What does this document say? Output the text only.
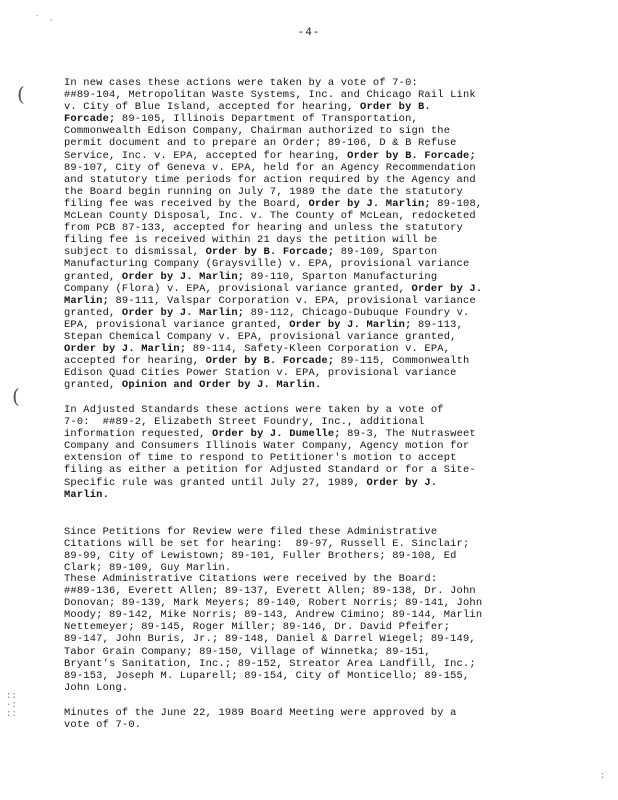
· ‚
-4-
(
(
::
·:
::
:
In new cases these actions were taken by a vote of 7-0:
##89-104, Metropolitan Waste Systems, Inc. and Chicago Rail Link
v. City of Blue Island, accepted for hearing, Order by B.
Forcade; 89-105, Illinois Department of Transportation,
Commonwealth Edison Company, Chairman authorized to sign the
permit document and to prepare an Order; 89-106, D & B Refuse
Service, Inc. v. EPA, accepted for hearing, Order by B. Forcade;
89-107, City of Geneva v. EPA, held for an Agency Recommendation
and statutory time periods for action required by the Agency and
the Board begin running on July 7, 1989 the date the statutory
filing fee was received by the Board, Order by J. Marlin; 89-108,
McLean County Disposal, Inc. v. The County of McLean, redocketed
from PCB 87-133, accepted for hearing and unless the statutory
filing fee is received within 21 days the petition will be
subject to dismissal, Order by B. Forcade; 89-109, Sparton
Manufacturing Company (Graysville) v. EPA, provisional variance
granted, Order by J. Marlin; 89-110, Sparton Manufacturing
Company (Flora) v. EPA, provisional variance granted, Order by J.
Marlin; 89-111, Valspar Corporation v. EPA, provisional variance
granted, Order by J. Marlin; 89-112, Chicago-Dubuque Foundry v.
EPA, provisional variance granted, Order by J. Marlin; 89-113,
Stepan Chemical Company v. EPA, provisional variance granted,
Order by J. Marlin; 89-114, Safety-Kleen Corporation v. EPA,
accepted for hearing, Order by B. Forcade; 89-115, Commonwealth
Edison Quad Cities Power Station v. EPA, provisional variance
granted, Opinion and Order by J. Marlin.
In Adjusted Standards these actions were taken by a vote of
7-0:  ##89-2, Elizabeth Street Foundry, Inc., additional
information requested, Order by J. Dumelle; 89-3, The Nutrasweet
Company and Consumers Illinois Water Company, Agency motion for
extension of time to respond to Petitioner's motion to accept
filing as either a petition for Adjusted Standard or for a Site-
Specific rule was granted until July 27, 1989, Order by J.
Marlin.
Since Petitions for Review were filed these Administrative
Citations will be set for hearing:  89-97, Russell E. Sinclair;
89-99, City of Lewistown; 89-101, Fuller Brothers; 89-108, Ed
Clark; 89-109, Guy Marlin.
These Administrative Citations were received by the Board:
##89-136, Everett Allen; 89-137, Everett Allen; 89-138, Dr. John
Donovan; 89-139, Mark Meyers; 89-140, Robert Norris; 89-141, John
Moody; 89-142, Mike Norris; 89-143, Andrew Cimino; 89-144, Marlin
Nettemeyer; 89-145, Roger Miller; 89-146, Dr. David Pfeifer;
89-147, John Buris, Jr.; 89-148, Daniel & Darrel Wiegel; 89-149,
Tabor Grain Company; 89-150, Village of Winnetka; 89-151,
Bryant's Sanitation, Inc.; 89-152, Streator Area Landfill, Inc.;
89-153, Joseph M. Luparell; 89-154, City of Monticello; 89-155,
John Long.
Minutes of the June 22, 1989 Board Meeting were approved by a
vote of 7-0.
